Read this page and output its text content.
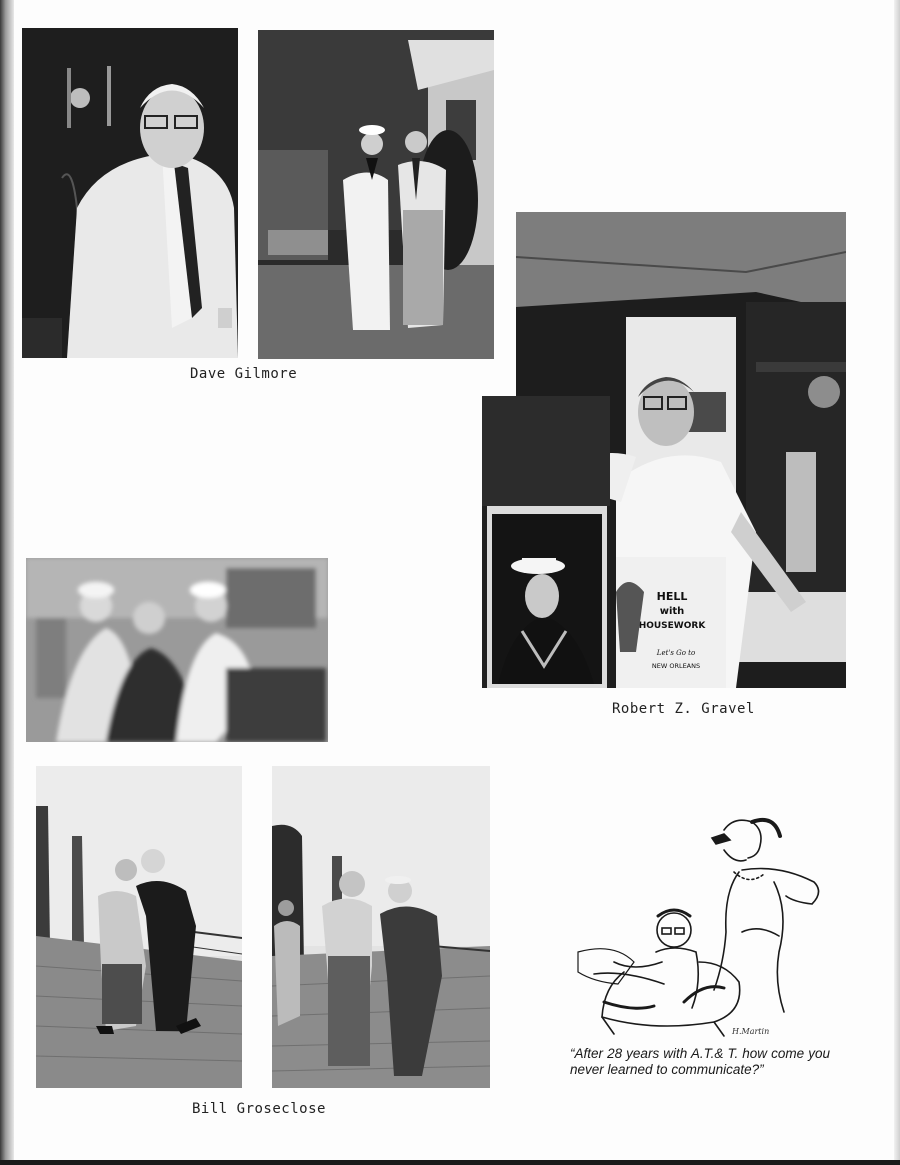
Dave Gilmore

HELL
with
HOUSEWORK
Let's Go to
NEW ORLEANS

Robert Z. Gravel

Bill Groseclose

H.Martin

“After 28 years with A.T.& T. how come you never learned to communicate?”
